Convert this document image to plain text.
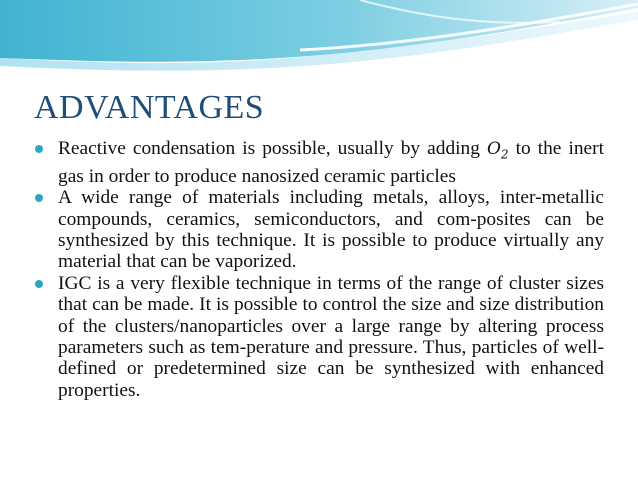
ADVANTAGES
Reactive condensation is possible, usually by adding $O_2$ to the inert gas in order to produce nanosized ceramic particles
A wide range of materials including metals, alloys, inter-metallic compounds, ceramics, semiconductors, and com-posites can be synthesized by this technique. It is possible to produce virtually any material that can be vaporized.
IGC is a very flexible technique in terms of the range of cluster sizes that can be made. It is possible to control the size and size distribution of the clusters/nanoparticles over a large range by altering process parameters such as tem-perature and pressure. Thus, particles of well-defined or predetermined size can be synthesized with enhanced properties.
